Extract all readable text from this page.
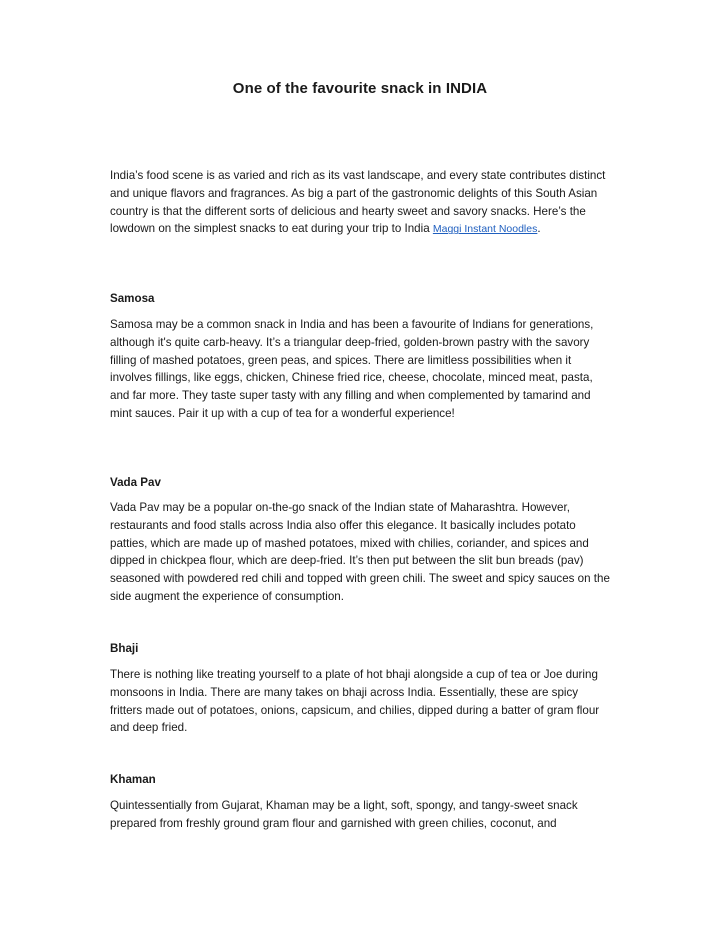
One of the favourite snack in INDIA

India’s food scene is as varied and rich as its vast landscape, and every state contributes distinct and unique flavors and fragrances. As big a part of the gastronomic delights of this South Asian country is that the different sorts of delicious and hearty sweet and savory snacks. Here’s the lowdown on the simplest snacks to eat during your trip to India Maggi Instant Noodles.

Samosa

Samosa may be a common snack in India and has been a favourite of Indians for generations, although it's quite carb-heavy. It’s a triangular deep-fried, golden-brown pastry with the savory filling of mashed potatoes, green peas, and spices. There are limitless possibilities when it involves fillings, like eggs, chicken, Chinese fried rice, cheese, chocolate, minced meat, pasta, and far more. They taste super tasty with any filling and when complemented by tamarind and mint sauces. Pair it up with a cup of tea for a wonderful experience!

Vada Pav

Vada Pav may be a popular on-the-go snack of the Indian state of Maharashtra. However, restaurants and food stalls across India also offer this elegance. It basically includes potato patties, which are made up of mashed potatoes, mixed with chilies, coriander, and spices and dipped in chickpea flour, which are deep-fried. It’s then put between the slit bun breads (pav) seasoned with powdered red chili and topped with green chili. The sweet and spicy sauces on the side augment the experience of consumption.

Bhaji

There is nothing like treating yourself to a plate of hot bhaji alongside a cup of tea or Joe during monsoons in India. There are many takes on bhaji across India. Essentially, these are spicy fritters made out of potatoes, onions, capsicum, and chilies, dipped during a batter of gram flour and deep fried.

Khaman

Quintessentially from Gujarat, Khaman may be a light, soft, spongy, and tangy-sweet snack prepared from freshly ground gram flour and garnished with green chilies, coconut, and
